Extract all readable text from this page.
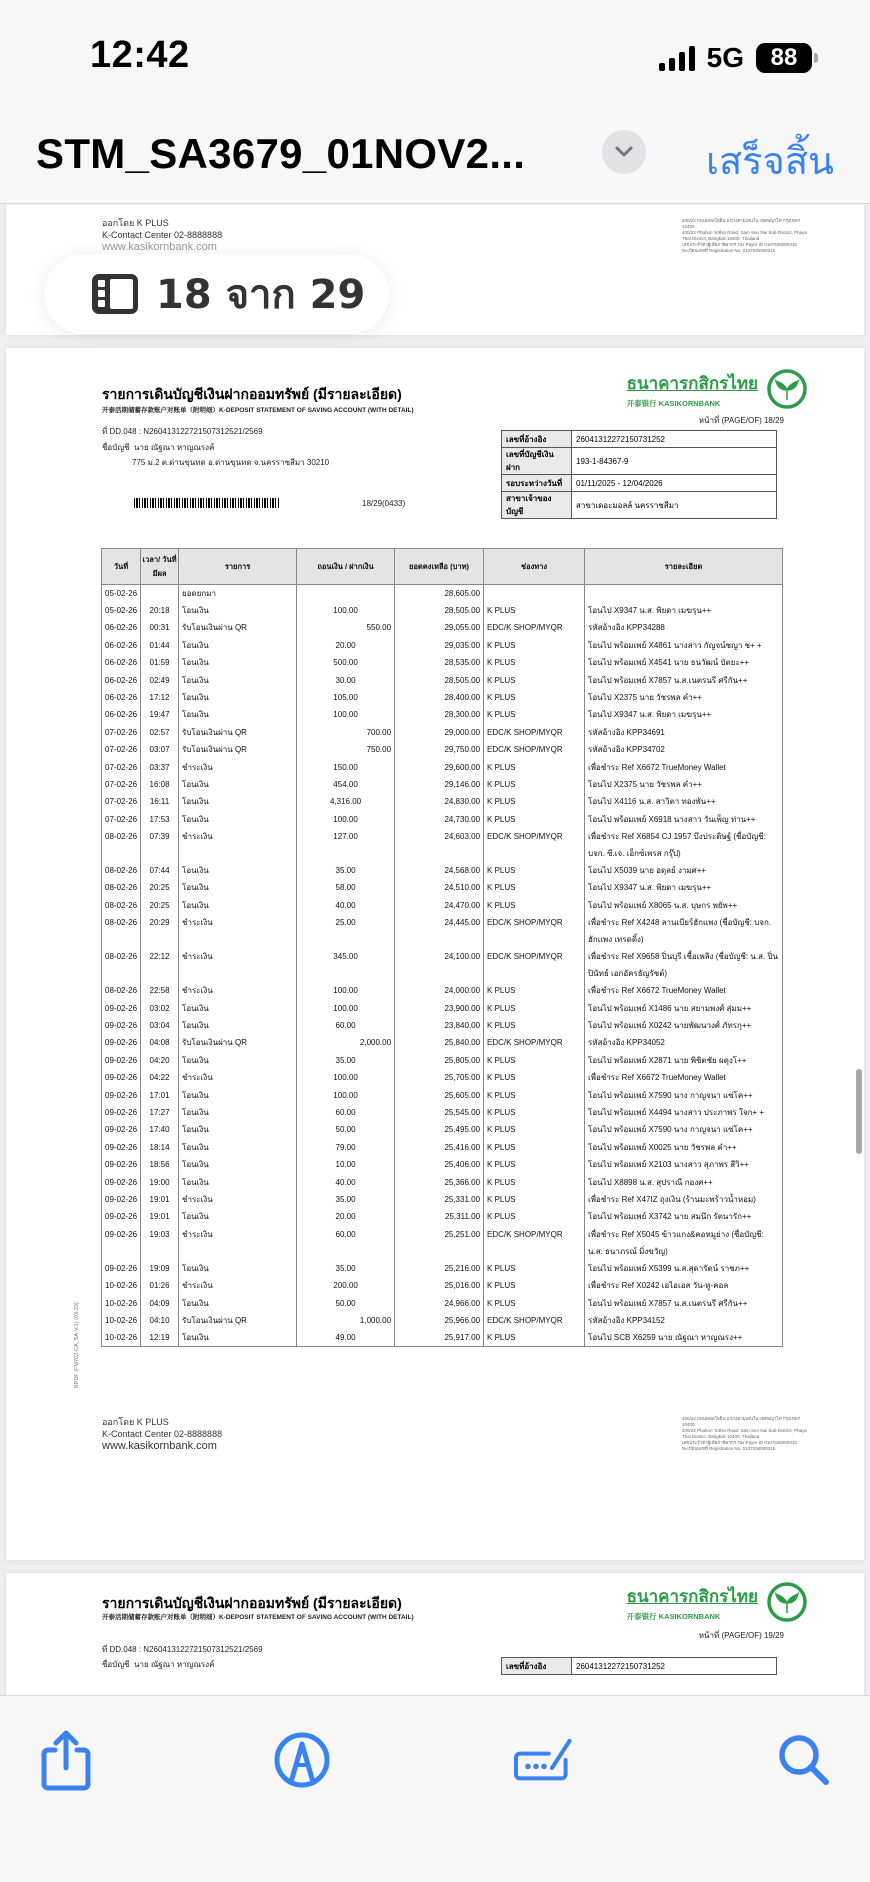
12:42	5G 88
STM_SA3679_01NOV2...	เสร็จสิ้น
ออกโดย K PLUS
K-Contact Center 02-8888888
www.kasikornbank.com
400/22 ถนนพหลโยธิน แขวงสามเสนใน เขตพญาไท กรุงเทพฯ 10400
400/22 Phahon Yothin Road, Sam Sen Nai Sub-District, Phaya Thai District, Bangkok 10400, Thailand
เลขประจำตัวผู้เสียภาษีอากร Tax Payer ID 0107536000315
ทะเบียนเลขที่ Registration No. 0107536000315
รายการเดินบัญชีเงินฝากออมทรัพย์ (มีรายละเอียด)
开泰活期储蓄存款账户对账单（附明细）K-DEPOSIT STATEMENT OF SAVING ACCOUNT (WITH DETAIL)
ธนาคารกสิกรไทย
开泰银行 KASIKORNBANK
หน้าที่ (PAGE/OF) 18/29
ที่ DD.048 : N260413122721507312521/2569
ชื่อบัญชี นาย ณัฐณา หาญณรงค์
775 ม.2 ต.ด่านขุนทด อ.ด่านขุนทด จ.นครราชสีมา 30210
เลขที่อ้างอิง	260413122721507312​52
เลขที่บัญชีเงินฝาก	193-1-84367-9
รอบระหว่างวันที่	01/11/2025 - 12/04/2026
สาขาเจ้าของบัญชี	สาขาเดอะมอลล์ นครราชสีมา
18/29(0433)
วันที่	เวลา/ วันที่มีผล	รายการ	ถอนเงิน / ฝากเงิน	ยอดคงเหลือ (บาท)	ช่องทาง	รายละเอียด
05-02-26		ยอดยกมา		28,605.00		
05-02-26	20:18	โอนเงิน	100.00	28,505.00	K PLUS	โอนไป X9347 น.ส. พิยดา เมฆรุน++
06-02-26	00:31	รับโอนเงินผ่าน QR	550.00	29,055.00	EDC/K SHOP/MYQR	รหัสอ้างอิง KPP34288
06-02-26	01:44	โอนเงิน	20.00	29,035.00	K PLUS	โอนไป พร้อมเพย์ X4861 นางสาว กัญจน์ชญา ช+ +
06-02-26	01:59	โอนเงิน	500.00	28,535.00	K PLUS	โอนไป พร้อมเพย์ X4541 นาย ธนวัฒน์ บัตยะ++
06-02-26	02:49	โอนเงิน	30.00	28,505.00	K PLUS	โอนไป พร้อมเพย์ X7857 น.ส.เนตรนรี ศรีกัน++
06-02-26	17:12	โอนเงิน	105.00	28,400.00	K PLUS	โอนไป X2375 นาย วัชรพล คำ++
06-02-26	19:47	โอนเงิน	100.00	28,300.00	K PLUS	โอนไป X9347 น.ส. พิยดา เมฆรุน++
07-02-26	02:57	รับโอนเงินผ่าน QR	700.00	29,000.00	EDC/K SHOP/MYQR	รหัสอ้างอิง KPP34691
07-02-26	03:07	รับโอนเงินผ่าน QR	750.00	29,750.00	EDC/K SHOP/MYQR	รหัสอ้างอิง KPP34702
07-02-26	03:37	ชำระเงิน	150.00	29,600.00	K PLUS	เพื่อชำระ Ref X6672 TrueMoney Wallet
07-02-26	16:08	โอนเงิน	454.00	29,146.00	K PLUS	โอนไป X2375 นาย วัชรพล คำ++
07-02-26	16:11	โอนเงิน	4,316.00	24,830.00	K PLUS	โอนไป X4116 น.ส. สาวิตา ทองพัน++
07-02-26	17:53	โอนเงิน	100.00	24,730.00	K PLUS	โอนไป พร้อมเพย์ X6918 นางสาว วันเพ็ญ ท่าน++
08-02-26	07:39	ชำระเงิน	127.00	24,603.00	EDC/K SHOP/MYQR	เพื่อชำระ Ref X6854 CJ 1957 บึงประดิษฐ์ (ชื่อบัญชี: บจก. ซี.เจ. เอ็กซ์เพรส กรุ๊ป)
08-02-26	07:44	โอนเงิน	35.00	24,568.00	K PLUS	โอนไป X5039 นาย อดุลย์ งามศ++
08-02-26	20:25	โอนเงิน	58.00	24,510.00	K PLUS	โอนไป X9347 น.ส. พิยดา เมฆรุน++
08-02-26	20:25	โอนเงิน	40.00	24,470.00	K PLUS	โอนไป พร้อมเพย์ X8065 น.ส. บุษกร พยัพ++
08-02-26	20:29	ชำระเงิน	25.00	24,445.00	EDC/K SHOP/MYQR	เพื่อชำระ Ref X4248 ลานเบียร์ฮักแพง (ชื่อบัญชี: บจก. ฮักแพง เทรดดิ้ง)
08-02-26	22:12	ชำระเงิน	345.00	24,100.00	EDC/K SHOP/MYQR	เพื่อชำระ Ref X9658 ปิ่นบุรี เชื้อเพลิง (ชื่อบัญชี: น.ส. ปิ่นปินัทธ์ เอกอัครธัญรัชต์)
08-02-26	22:58	ชำระเงิน	100.00	24,000.00	K PLUS	เพื่อชำระ Ref X6672 TrueMoney Wallet
09-02-26	03:02	โอนเงิน	100.00	23,900.00	K PLUS	โอนไป พร้อมเพย์ X1486 นาย สยามพงศ์ สุ่มม++
09-02-26	03:04	โอนเงิน	60.00	23,840.00	K PLUS	โอนไป พร้อมเพย์ X0242 นายพัฒนวงศ์ ภัทรกุ++
09-02-26	04:08	รับโอนเงินผ่าน QR	2,000.00	25,840.00	EDC/K SHOP/MYQR	รหัสอ้างอิง KPP34052
09-02-26	04:20	โอนเงิน	35.00	25,805.00	K PLUS	โอนไป พร้อมเพย์ X2871 นาย พิชิตชัย ผดุงโ++
09-02-26	04:22	ชำระเงิน	100.00	25,705.00	K PLUS	เพื่อชำระ Ref X6672 TrueMoney Wallet
09-02-26	17:01	โอนเงิน	100.00	25,605.00	K PLUS	โอนไป พร้อมเพย์ X7590 นาง กาญจนา แซ่โค++
09-02-26	17:27	โอนเงิน	60.00	25,545.00	K PLUS	โอนไป พร้อมเพย์ X4494 นางสาว ประภาพร ใจก+ +
09-02-26	17:40	โอนเงิน	50.00	25,495.00	K PLUS	โอนไป พร้อมเพย์ X7590 นาง กาญจนา แซ่โค++
09-02-26	18:14	โอนเงิน	79.00	25,416.00	K PLUS	โอนไป พร้อมเพย์ X0025 นาย วัชรพล คำ++
09-02-26	18:56	โอนเงิน	10.00	25,406.00	K PLUS	โอนไป พร้อมเพย์ X2103 นางสาว สุภาพร สีวิ++
09-02-26	19:00	โอนเงิน	40.00	25,366.00	K PLUS	โอนไป X8898 น.ส. สุปราณี กองศ++
09-02-26	19:01	ชำระเงิน	35.00	25,331.00	K PLUS	เพื่อชำระ Ref X47IZ ถุงเงิน (ร้านมะพร้าวน้ำหอม)
09-02-26	19:01	โอนเงิน	20.00	25,311.00	K PLUS	โอนไป พร้อมเพย์ X3742 นาย สมนึก รัตนารัก++
09-02-26	19:03	ชำระเงิน	60.00	25,251.00	EDC/K SHOP/MYQR	เพื่อชำระ Ref X5045 ข้าวแกง&คอหมูย่าง (ชื่อบัญชี: น.ส. ธนาภรณ์ มิ่งขวัญ)
09-02-26	19:09	โอนเงิน	35.00	25,216.00	K PLUS	โอนไป พร้อมเพย์ X5399 น.ส.สุดารัตน์ ราชภ++
10-02-26	01:26	ชำระเงิน	200.00	25,016.00	K PLUS	เพื่อชำระ Ref X0242 เอไอเอส วัน-ทู-คอล
10-02-26	04:09	โอนเงิน	50.00	24,966.00	K PLUS	โอนไป พร้อมเพย์ X7857 น.ส.เนตรนรี ศรีกัน++
10-02-26	04:10	รับโอนเงินผ่าน QR	1,000.00	25,966.00	EDC/K SHOP/MYQR	รหัสอ้างอิง KPP34152
10-02-26	12:19	โอนเงิน	49.00	25,917.00	K PLUS	โอนไป SCB X6259 นาย ณัฐณา หาญณรง++
BPDF (FM702-CA_SA-V.1) (03-23)
ออกโดย K PLUS
K-Contact Center 02-8888888
www.kasikornbank.com
400/22 ถนนพหลโยธิน แขวงสามเสนใน เขตพญาไท กรุงเทพฯ 10400
400/22 Phahon Yothin Road, Sam Sen Nai Sub-District, Phaya Thai District, Bangkok 10400, Thailand
เลขประจำตัวผู้เสียภาษีอากร Tax Payer ID 0107536000315
ทะเบียนเลขที่ Registration No. 0107536000315
รายการเดินบัญชีเงินฝากออมทรัพย์ (มีรายละเอียด)
开泰活期储蓄存款账户对账单（附明细）K-DEPOSIT STATEMENT OF SAVING ACCOUNT (WITH DETAIL)
ธนาคารกสิกรไทย
开泰银行 KASIKORNBANK
หน้าที่ (PAGE/OF) 19/29
ที่ DD.048 : N260413122721507312521/2569
ชื่อบัญชี นาย ณัฐณา หาญณรงค์	เลขที่อ้างอิง	26041312272150731252
18 จาก 29
